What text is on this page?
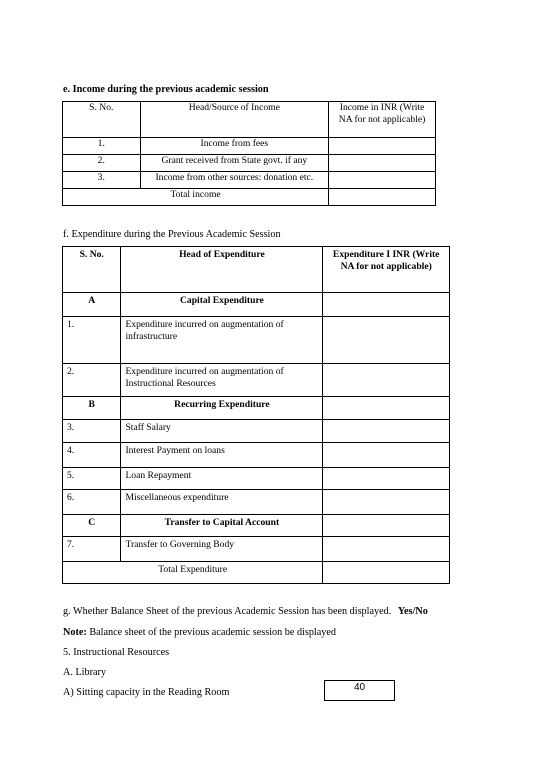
e. Income during the previous academic session
S. No.	Head/Source of Income	Income in INR (Write NA for not applicable)
1.	Income from fees	
2.	Grant received from State govt. if any	
3.	Income from other sources: donation etc.	
Total income		
f. Expenditure during the Previous Academic Session
S. No.	Head of Expenditure	Expenditure I INR (Write NA for not applicable)
A	Capital Expenditure	
1.	Expenditure incurred on augmentation of infrastructure	
2.	Expenditure incurred on augmentation of Instructional Resources	
B	Recurring Expenditure	
3.	Staff Salary	
4.	Interest Payment on loans	
5.	Loan Repayment	
6.	Miscellaneous expenditure	
C	Transfer to Capital Account	
7.	Transfer to Governing Body	
Total Expenditure		
g. Whether Balance Sheet of the previous Academic Session has been displayed. Yes/No
Note: Balance sheet of the previous academic session be displayed
5. Instructional Resources
A. Library
A) Sitting capacity in the Reading Room	40
